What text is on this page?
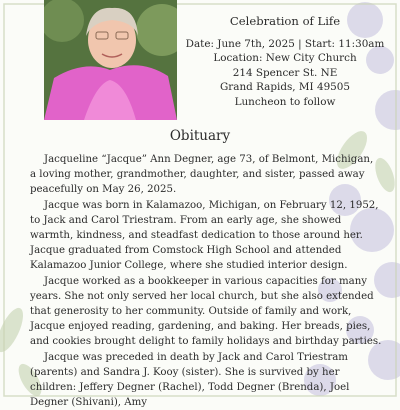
Celebration of Life
Date: June 7th, 2025 | Start: 11:30am
Location: New City Church
214 Spencer St. NE
Grand Rapids, MI 49505
Luncheon to follow
Obituary

Jacqueline “Jacque” Ann Degner, age 73, of Belmont, Michigan, a loving mother, grandmother, daughter, and sister, passed away peacefully on May 26, 2025.

Jacque was born in Kalamazoo, Michigan, on February 12, 1952, to Jack and Carol Triestram. From an early age, she showed warmth, kindness, and steadfast dedication to those around her. Jacque graduated from Comstock High School and attended Kalamazoo Junior College, where she studied interior design.

Jacque worked as a bookkeeper in various capacities for many years. She not only served her local church, but she also extended that generosity to her community. Outside of family and work, Jacque enjoyed reading, gardening, and baking. Her breads, pies, and cookies brought delight to family holidays and birthday parties.

Jacque was preceded in death by Jack and Carol Triestram (parents) and Sandra J. Kooy (sister). She is survived by her children: Jeffery Degner (Rachel), Todd Degner (Brenda), Joel Degner (Shivani), Amy
